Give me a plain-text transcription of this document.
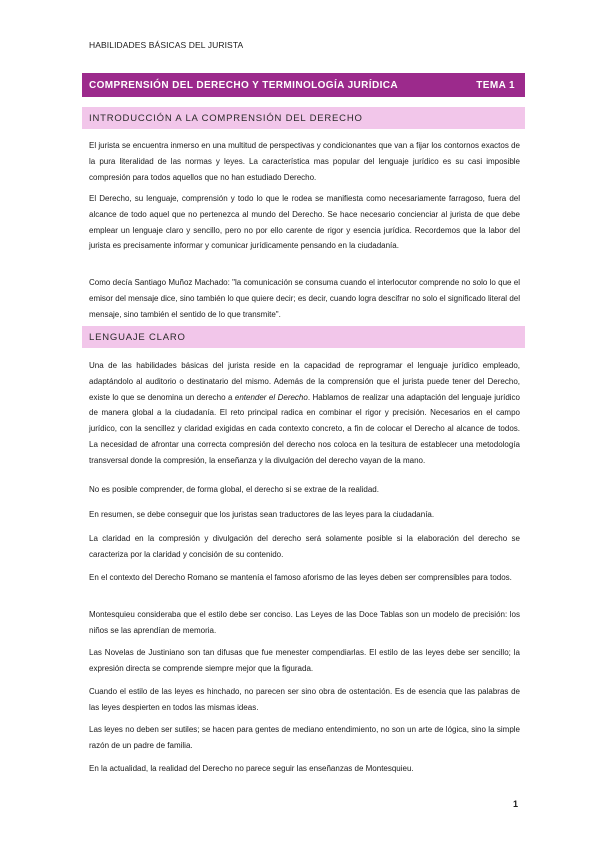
HABILIDADES BÁSICAS DEL JURISTA
COMPRENSIÓN DEL DERECHO Y TERMINOLOGÍA JURÍDICA	TEMA 1
INTRODUCCIÓN A LA COMPRENSIÓN DEL DERECHO

El jurista se encuentra inmerso en una multitud de perspectivas y condicionantes que van a fijar los contornos exactos de la pura literalidad de las normas y leyes. La característica mas popular del lenguaje jurídico es su casi imposible compresión para todos aquellos que no han estudiado Derecho.

El Derecho, su lenguaje, comprensión y todo lo que le rodea se manifiesta como necesariamente farragoso, fuera del alcance de todo aquel que no pertenezca al mundo del Derecho. Se hace necesario concienciar al jurista de que debe emplear un lenguaje claro y sencillo, pero no por ello carente de rigor y esencia jurídica. Recordemos que la labor del jurista es precisamente informar y comunicar jurídicamente pensando en la ciudadanía.

Como decía Santiago Muñoz Machado: "la comunicación se consuma cuando el interlocutor comprende no solo lo que el emisor del mensaje dice, sino también lo que quiere decir; es decir, cuando logra descifrar no solo el significado literal del mensaje, sino también el sentido de lo que transmite".

LENGUAJE CLARO

Una de las habilidades básicas del jurista reside en la capacidad de reprogramar el lenguaje jurídico empleado, adaptándolo al auditorio o destinatario del mismo. Además de la comprensión que el jurista puede tener del Derecho, existe lo que se denomina un derecho a entender el Derecho. Hablamos de realizar una adaptación del lenguaje jurídico de manera global a la ciudadanía. El reto principal radica en combinar el rigor y precisión. Necesarios en el campo jurídico, con la sencillez y claridad exigidas en cada contexto concreto, a fin de colocar el Derecho al alcance de todos. La necesidad de afrontar una correcta compresión del derecho nos coloca en la tesitura de establecer una metodología transversal donde la compresión, la enseñanza y la divulgación del derecho vayan de la mano.

No es posible comprender, de forma global, el derecho si se extrae de la realidad.

En resumen, se debe conseguir que los juristas sean traductores de las leyes para la ciudadanía.

La claridad en la compresión y divulgación del derecho será solamente posible si la elaboración del derecho se caracteriza por la claridad y concisión de su contenido.

En el contexto del Derecho Romano se mantenía el famoso aforismo de las leyes deben ser comprensibles para todos.

Montesquieu consideraba que el estilo debe ser conciso. Las Leyes de las Doce Tablas son un modelo de precisión: los niños se las aprendían de memoria.

Las Novelas de Justiniano son tan difusas que fue menester compendiarlas. El estilo de las leyes debe ser sencillo; la expresión directa se comprende siempre mejor que la figurada.

Cuando el estilo de las leyes es hinchado, no parecen ser sino obra de ostentación. Es de esencia que las palabras de las leyes despierten en todos las mismas ideas.

Las leyes no deben ser sutiles; se hacen para gentes de mediano entendimiento, no son un arte de lógica, sino la simple razón de un padre de familia.

En la actualidad, la realidad del Derecho no parece seguir las enseñanzas de Montesquieu.

1
